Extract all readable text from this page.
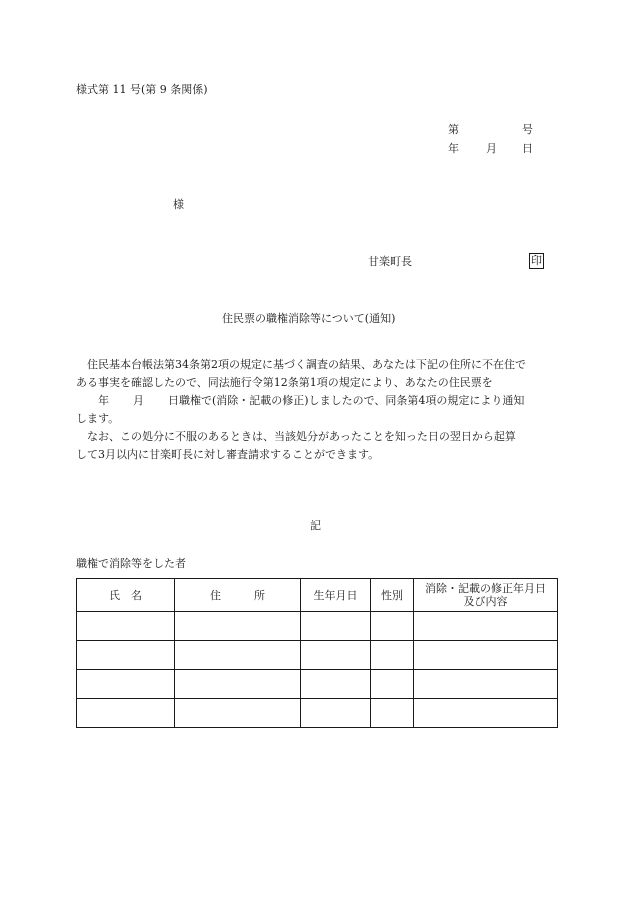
様式第 11 号(第 9 条関係)
第	号
年 月 日
様
甘楽町長	印
住民票の職権消除等について(通知)

住民基本台帳法第34条第2項の規定に基づく調査の結果、あなたは下記の住所に不在住で

ある事実を確認したので、同法施行令第12条第1項の規定により、あなたの住民票を

年 月 日職権で(消除・記載の修正)しましたので、同条第4項の規定により通知

します。

なお、この処分に不服のあるときは、当該処分があったことを知った日の翌日から起算

して3月以内に甘楽町長に対し審査請求することができます。

記
職権で消除等をした者
氏　名	住　　　所	生年月日	性別	消除・記載の修正年月日
及び内容
